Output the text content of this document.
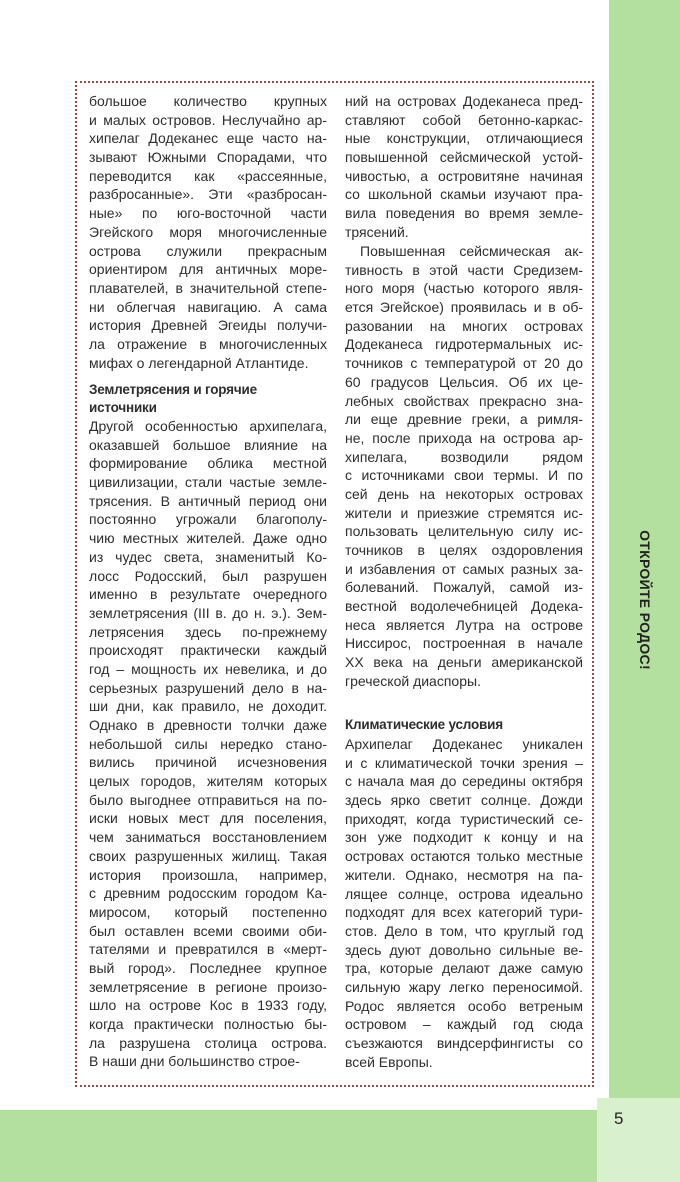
ОТКРОЙТЕ РОДОС!
5
большое количество крупных
и малых островов. Неслучайно ар-
хипелаг Додеканес еще часто на-
зывают Южными Спорадами, что
переводится как «рассеянные,
разбросанные». Эти «разбросан-
ные» по юго-восточной части
Эгейского моря многочисленные
острова служили прекрасным
ориентиром для античных море-
плавателей, в значительной степе-
ни облегчая навигацию. А сама
история Древней Эгеиды получи-
ла отражение в многочисленных
мифах о легендарной Атлантиде.
Землетрясения и горячие
источники
Другой особенностью архипелага,
оказавшей большое влияние на
формирование облика местной
цивилизации, стали частые земле-
трясения. В античный период они
постоянно угрожали благополу-
чию местных жителей. Даже одно
из чудес света, знаменитый Ко-
лосс Родосский, был разрушен
именно в результате очередного
землетрясения (III в. до н. э.). Зем-
летрясения здесь по-прежнему
происходят практически каждый
год – мощность их невелика, и до
серьезных разрушений дело в на-
ши дни, как правило, не доходит.
Однако в древности толчки даже
небольшой силы нередко стано-
вились причиной исчезновения
целых городов, жителям которых
было выгоднее отправиться на по-
иски новых мест для поселения,
чем заниматься восстановлением
своих разрушенных жилищ. Такая
история произошла, например,
с древним родосским городом Ка-
миросом, который постепенно
был оставлен всеми своими оби-
тателями и превратился в «мерт-
вый город». Последнее крупное
землетрясение в регионе произо-
шло на острове Кос в 1933 году,
когда практически полностью бы-
ла разрушена столица острова.
В наши дни большинство строе-
ний на островах Додеканеса пред-
ставляют собой бетонно-каркас-
ные конструкции, отличающиеся
повышенной сейсмической устой-
чивостью, а островитяне начиная
со школьной скамьи изучают пра-
вила поведения во время земле-
трясений.
Повышенная сейсмическая ак-
тивность в этой части Средизем-
ного моря (частью которого явля-
ется Эгейское) проявилась и в об-
разовании на многих островах
Додеканеса гидротермальных ис-
точников с температурой от 20 до
60 градусов Цельсия. Об их це-
лебных свойствах прекрасно зна-
ли еще древние греки, а римля-
не, после прихода на острова ар-
хипелага, возводили рядом
с источниками свои термы. И по
сей день на некоторых островах
жители и приезжие стремятся ис-
пользовать целительную силу ис-
точников в целях оздоровления
и избавления от самых разных за-
болеваний. Пожалуй, самой из-
вестной водолечебницей Додека-
неса является Лутра на острове
Ниссирос, построенная в начале
XX века на деньги американской
греческой диаспоры.
Климатические условия
Архипелаг Додеканес уникален
и с климатической точки зрения –
с начала мая до середины октября
здесь ярко светит солнце. Дожди
приходят, когда туристический се-
зон уже подходит к концу и на
островах остаются только местные
жители. Однако, несмотря на па-
лящее солнце, острова идеально
подходят для всех категорий тури-
стов. Дело в том, что круглый год
здесь дуют довольно сильные ве-
тра, которые делают даже самую
сильную жару легко переносимой.
Родос является особо ветреным
островом – каждый год сюда
съезжаются виндсерфингисты со
всей Европы.
